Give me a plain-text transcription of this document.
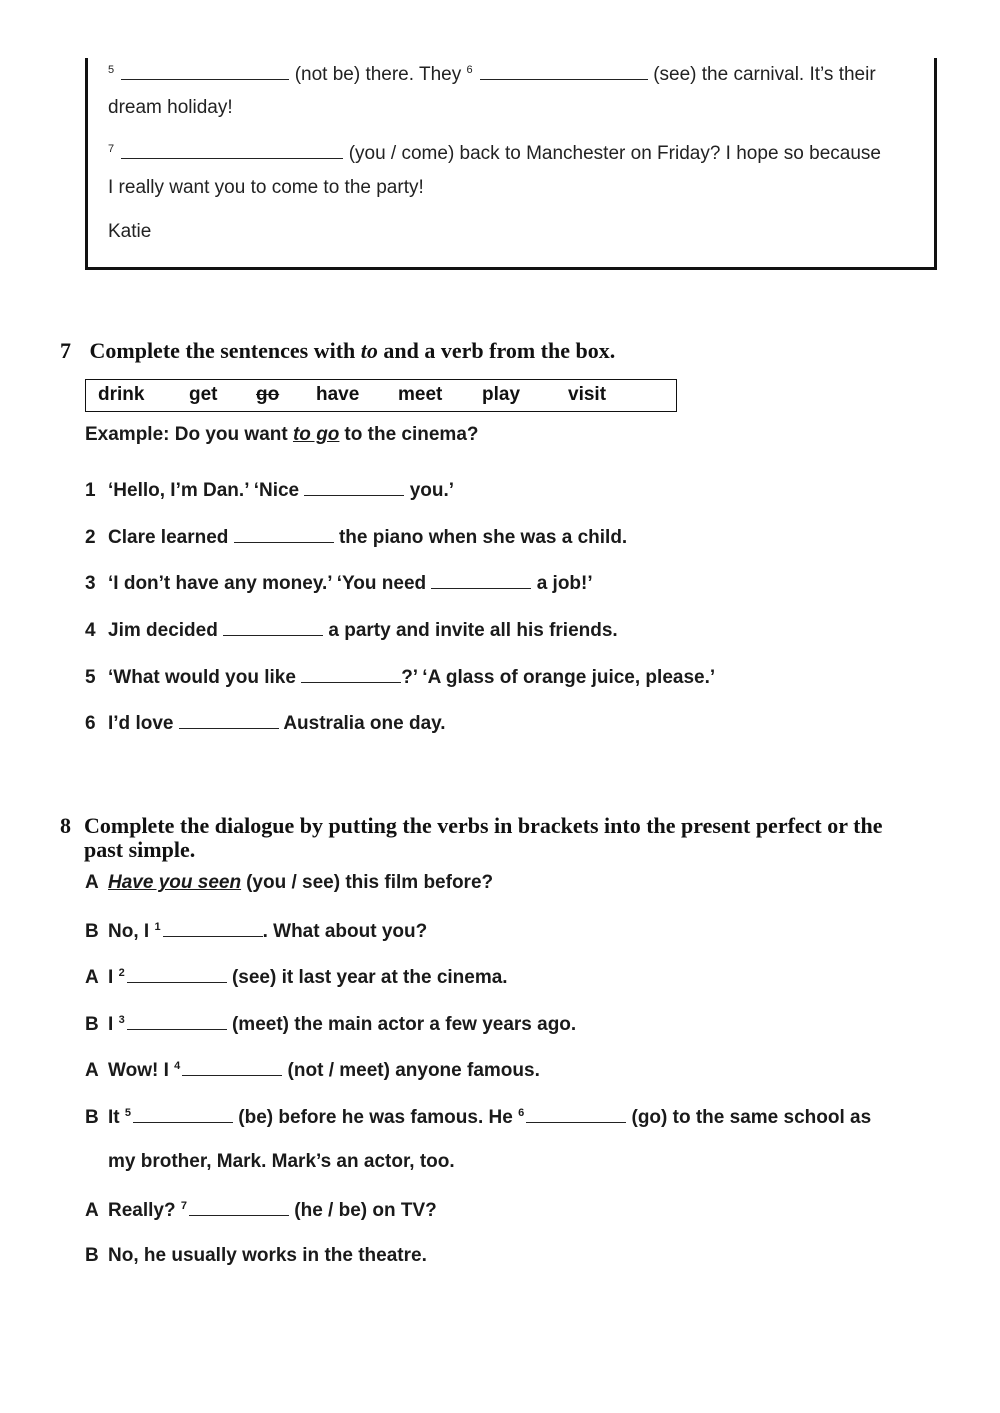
$^5$	(not be) there. They $^6$	(see) the carnival. It’s their
dream holiday!
$^7$	(you / come) back to Manchester on Friday? I hope so because
I really want you to come to the party!
Katie
7 Complete the sentences with to and a verb from the box.
drink get go have meet play	visit
Example: Do you want to go to the cinema?
1 ‘Hello, I’m Dan.’ ‘Nice	you.’
2 Clare learned	the piano when she was a child.
3 ‘I don’t have any money.’ ‘You need	a job!’
4 Jim decided	a party and invite all his friends.
5 ‘What would you like	?’ ‘A glass of orange juice, please.’
6 I’d love	Australia one day.
8 Complete the dialogue by putting the verbs in brackets into the present perfect or the
past simple.
A Have you seen (you / see) this film before?
B No, I $^1$	. What about you?
A I $^2$	(see) it last year at the cinema.
B I $^3$	(meet) the main actor a few years ago.
A Wow! I $^4$	(not / meet) anyone famous.
B It $^5$	(be) before he was famous. He $^6$	(go) to the same school as
my brother, Mark. Mark’s an actor, too.
A Really? $^7$	(he / be) on TV?
B No, he usually works in the theatre.
